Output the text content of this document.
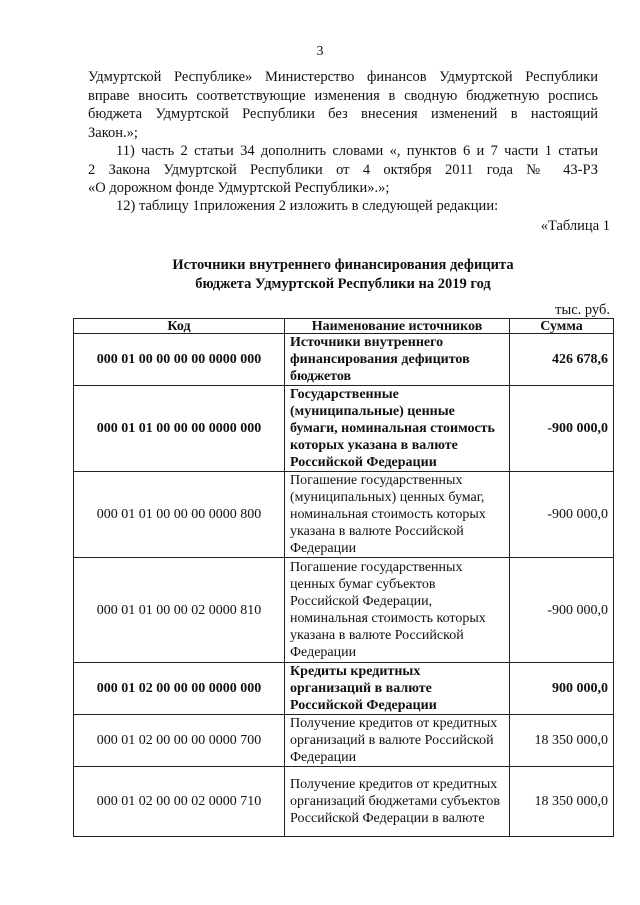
3
Удмуртской Республике» Министерство финансов Удмуртской Республики
вправе вносить соответствующие изменения в сводную бюджетную роспись
бюджета Удмуртской Республики без внесения изменений в настоящий
Закон.»;
11) часть 2 статьи 34 дополнить словами «, пунктов 6 и 7 части 1 статьи
2 Закона Удмуртской Республики от 4 октября 2011 года № 43-РЗ
«О дорожном фонде Удмуртской Республики».»;
12) таблицу 1приложения 2 изложить в следующей редакции:
«Таблица 1
Источники внутреннего финансирования дефицита
бюджета Удмуртской Республики на 2019 год
тыс. руб.
Код	Наименование источников	Сумма
000 01 00 00 00 00 0000 000	Источники внутреннего финансирования дефицитов бюджетов	426 678,6
000 01 01 00 00 00 0000 000	Государственные (муниципальные) ценные бумаги, номинальная стоимость которых указана в валюте Российской Федерации	-900 000,0
000 01 01 00 00 00 0000 800	Погашение государственных (муниципальных) ценных бумаг, номинальная стоимость которых указана в валюте Российской Федерации	-900 000,0
000 01 01 00 00 02 0000 810	Погашение государственных ценных бумаг субъектов Российской Федерации, номинальная стоимость которых указана в валюте Российской Федерации	-900 000,0
000 01 02 00 00 00 0000 000	Кредиты кредитных организаций в валюте Российской Федерации	900 000,0
000 01 02 00 00 00 0000 700	Получение кредитов от кредитных организаций в валюте Российской Федерации	18 350 000,0
000 01 02 00 00 02 0000 710	Получение кредитов от кредитных организаций бюджетами субъектов Российской Федерации в валюте	18 350 000,0
